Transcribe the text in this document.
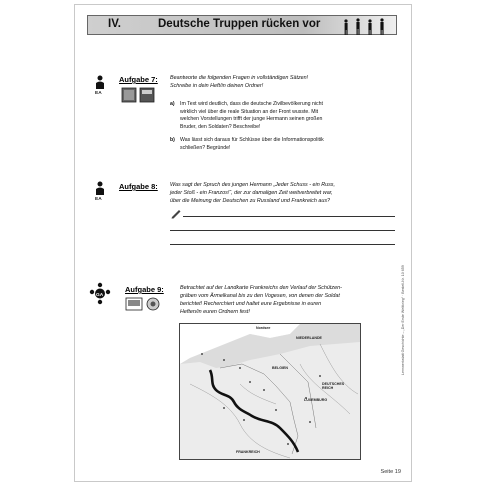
IV.	Deutsche Truppen rücken vor
EA
Aufgabe 7: Beantworte die folgenden Fragen in vollständigen Sätzen!
Schreibe in dein Heft/in deinen Ordner!
a) Im Text wird deutlich, dass die deutsche Zivilbevölkerung nicht
wirklich viel über die reale Situation an der Front wusste. Mit
welchen Vorstellungen trifft der junge Hermann seinen großen
Bruder, den Soldaten? Beschreibe!
b) Was lässt sich daraus für Schlüsse über die Informationspolitik
schließen? Begründe!
EA
Aufgabe 8: Was sagt der Spruch des jungen Hermann „Jeder Schuss - ein Russ,
jeder Stoß - ein Franzos!“, der zur damaligen Zeit weitverbreitet war,
über die Meinung der Deutschen zu Russland und Frankreich aus?
GA
Aufgabe 9:	Betrachtet auf der Landkarte Frankreichs den Verlauf der Schützen-
gräben vom Ärmelkanal bis zu den Vogesen, von denen der Soldat
berichtet! Recherchiert und haltet eure Ergebnisse in euren
Heften/in euren Ordnern fest!
Nordsee
NIEDERLANDE
BELGIEN
LUXEMBURG
DEUTSCHES REICH
FRANKREICH
Lernwerkstatt Geschichte – „Der Erste Weltkrieg“ · Bestell-Nr. 10 659
Seite 19
